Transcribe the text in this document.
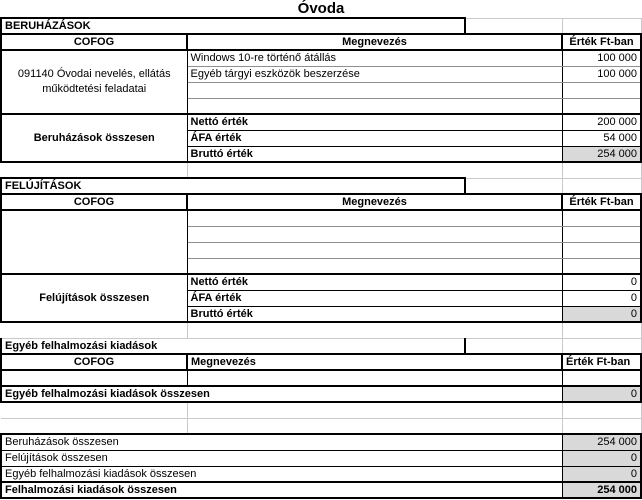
Óvoda			
BERUHÁZÁSOK			
COFOG	Megnevezés		Érték Ft-ban
091140 Óvodai nevelés, ellátás működtetési feladatai	Windows 10-re történő átállás		100 000
	Egyéb tárgyi eszközök beszerzése		100 000

Beruházások összesen	Nettó érték		200 000
	ÁFA érték		54 000
	Bruttó érték		254 000

FELÚJÍTÁSOK			
COFOG	Megnevezés		Érték Ft-ban

Felújítások összesen	Nettó érték		0
	ÁFA érték		0
	Bruttó érték		0

Egyéb felhalmozási kiadások			
COFOG	Megnevezés		Érték Ft-ban

Egyéb felhalmozási kiadások összesen			0

Beruházások összesen			254 000
Felújítások összesen			0
Egyéb felhalmozási kiadások összesen			0
Felhalmozási kiadások összesen			254 000
